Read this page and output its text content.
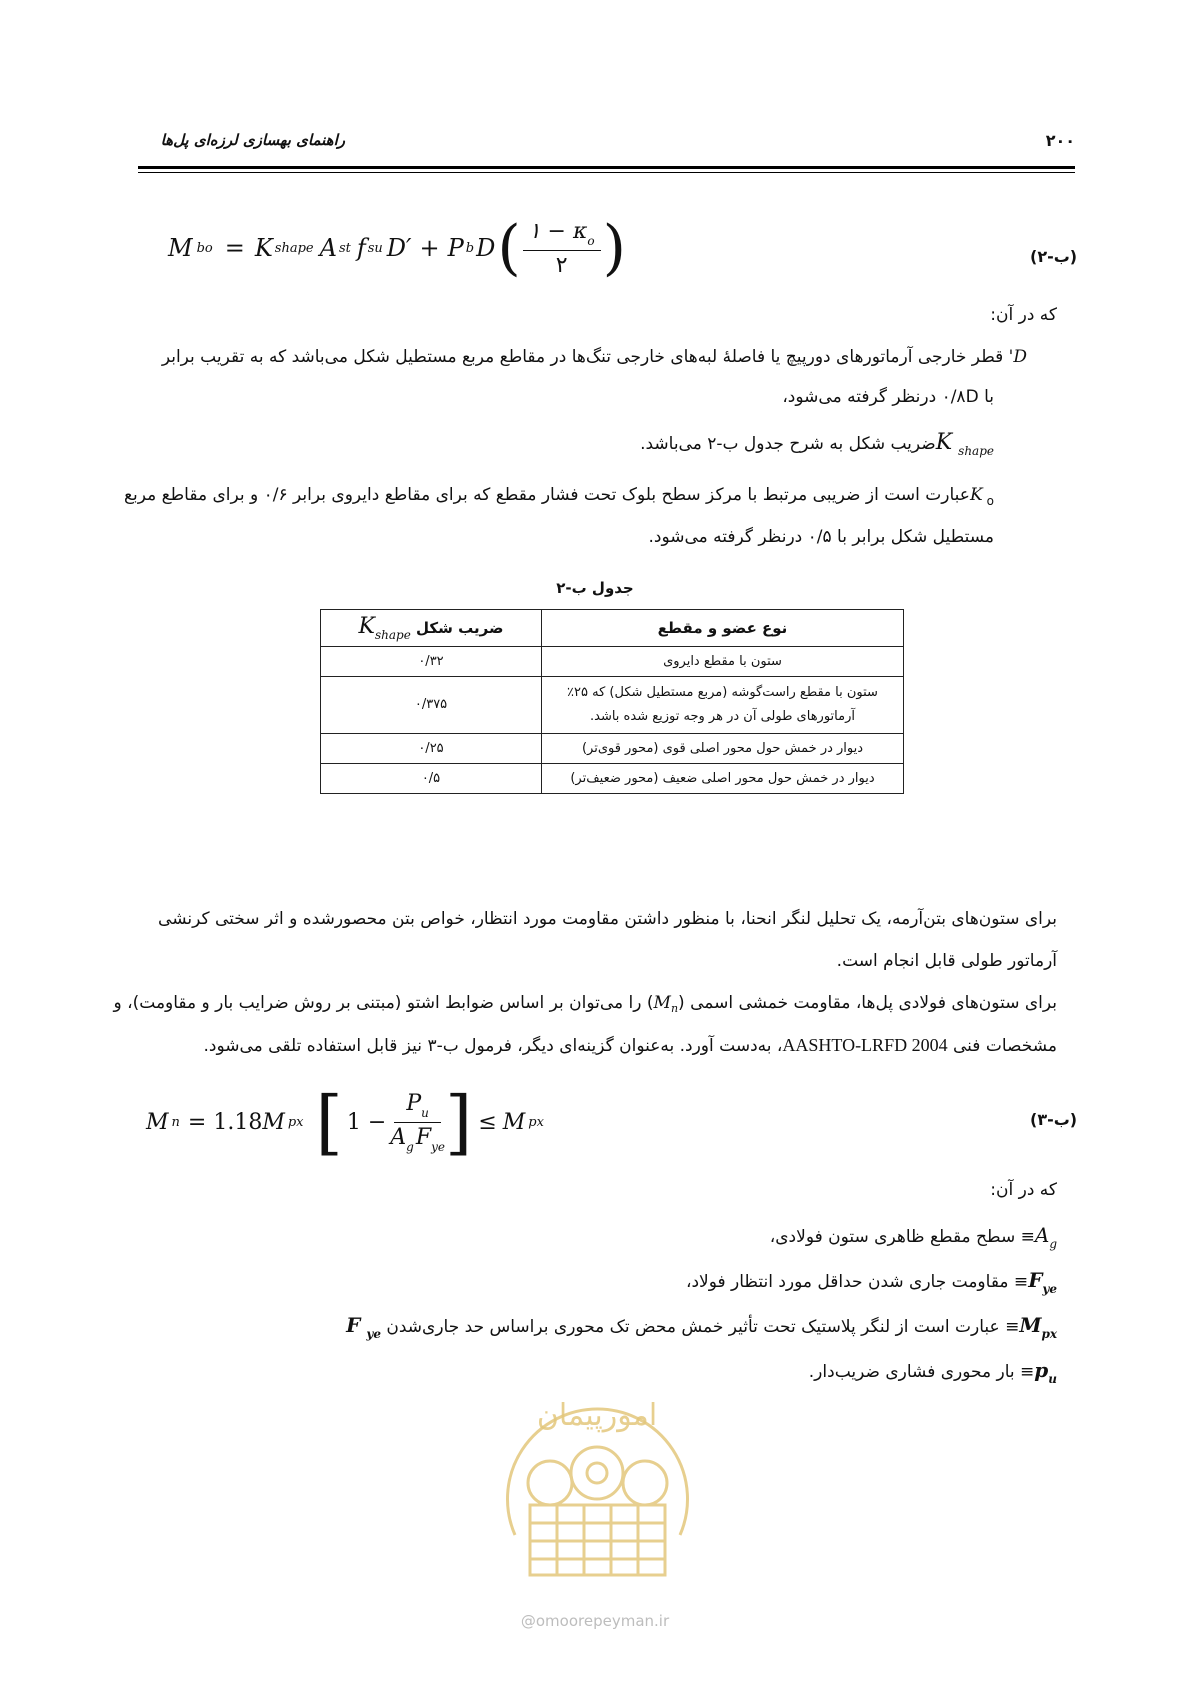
راهنمای بهسازی لرزه‌ای پل‌ها	۲۰۰
M bo = K shape A st f su D′ + P b D ( ۱ − $\kappa_o$
۲ )	(ب-۲)
که در آن:
D' قطر خارجی آرماتورهای دورپیچ یا فاصلهٔ لبه‌های خارجی تنگ‌ها در مقاطع مربع مستطیل شکل می‌باشد که به تقریب برابر
با ۰/۸D درنظر گرفته می‌شود،
K $_{shape}$ضریب شکل به شرح جدول ب-۲ می‌باشد.
K $_o$عبارت است از ضریبی مرتبط با مرکز سطح بلوک تحت فشار مقطع که برای مقاطع دایروی برابر ۰/۶ و برای مقاطع مربع
مستطیل شکل برابر با ۰/۵ درنظر گرفته می‌شود.
جدول ب-۲
نوع عضو و مقطع	ضریب شکل $K_{shape}$
ستون با مقطع دایروی	۰/۳۲

ستون با مقطع راست‌گوشه (مربع مستطیل شکل) که ۲۵٪
آرماتورهای طولی آن در هر وجه توزیع شده باشد.	۰/۳۷۵
دیوار در خمش حول محور اصلی قوی (محور قوی‌تر)	۰/۲۵
دیوار در خمش حول محور اصلی ضعیف (محور ضعیف‌تر)	۰/۵
برای ستون‌های بتن‌آرمه، یک تحلیل لنگر انحنا، با منظور داشتن مقاومت مورد انتظار، خواص بتن محصورشده و اثر سختی کرنشی
آرماتور طولی قابل انجام است.
برای ستون‌های فولادی پل‌ها، مقاومت خمشی اسمی $(M_n)$ را می‌توان بر اساس ضوابط اشتو (مبتنی بر روش ضرایب بار و مقاومت)، و
مشخصات فنی AASHTO-LRFD 2004، به‌دست آورد. به‌عنوان گزینه‌ای دیگر، فرمول ب-۳ نیز قابل استفاده تلقی می‌شود.
M n = 1.18 M px [ 1 −
$P_u$
$A_gF_{ye}$ ] ≤ M px	(ب-۳)
که در آن:
$A_g\equiv$ سطح مقطع ظاهری ستون فولادی،
$F_{ye}\equiv$ مقاومت جاری شدن حداقل مورد انتظار فولاد،
$M_{px}\equiv$ عبارت است از لنگر پلاستیک تحت تأثیر خمش محض تک محوری براساس حد جاری‌شدن F $_{ye}$
$p_u\equiv$ بار محوری فشاری ضریب‌دار.
امورپیمان
@omoorepeyman.ir
